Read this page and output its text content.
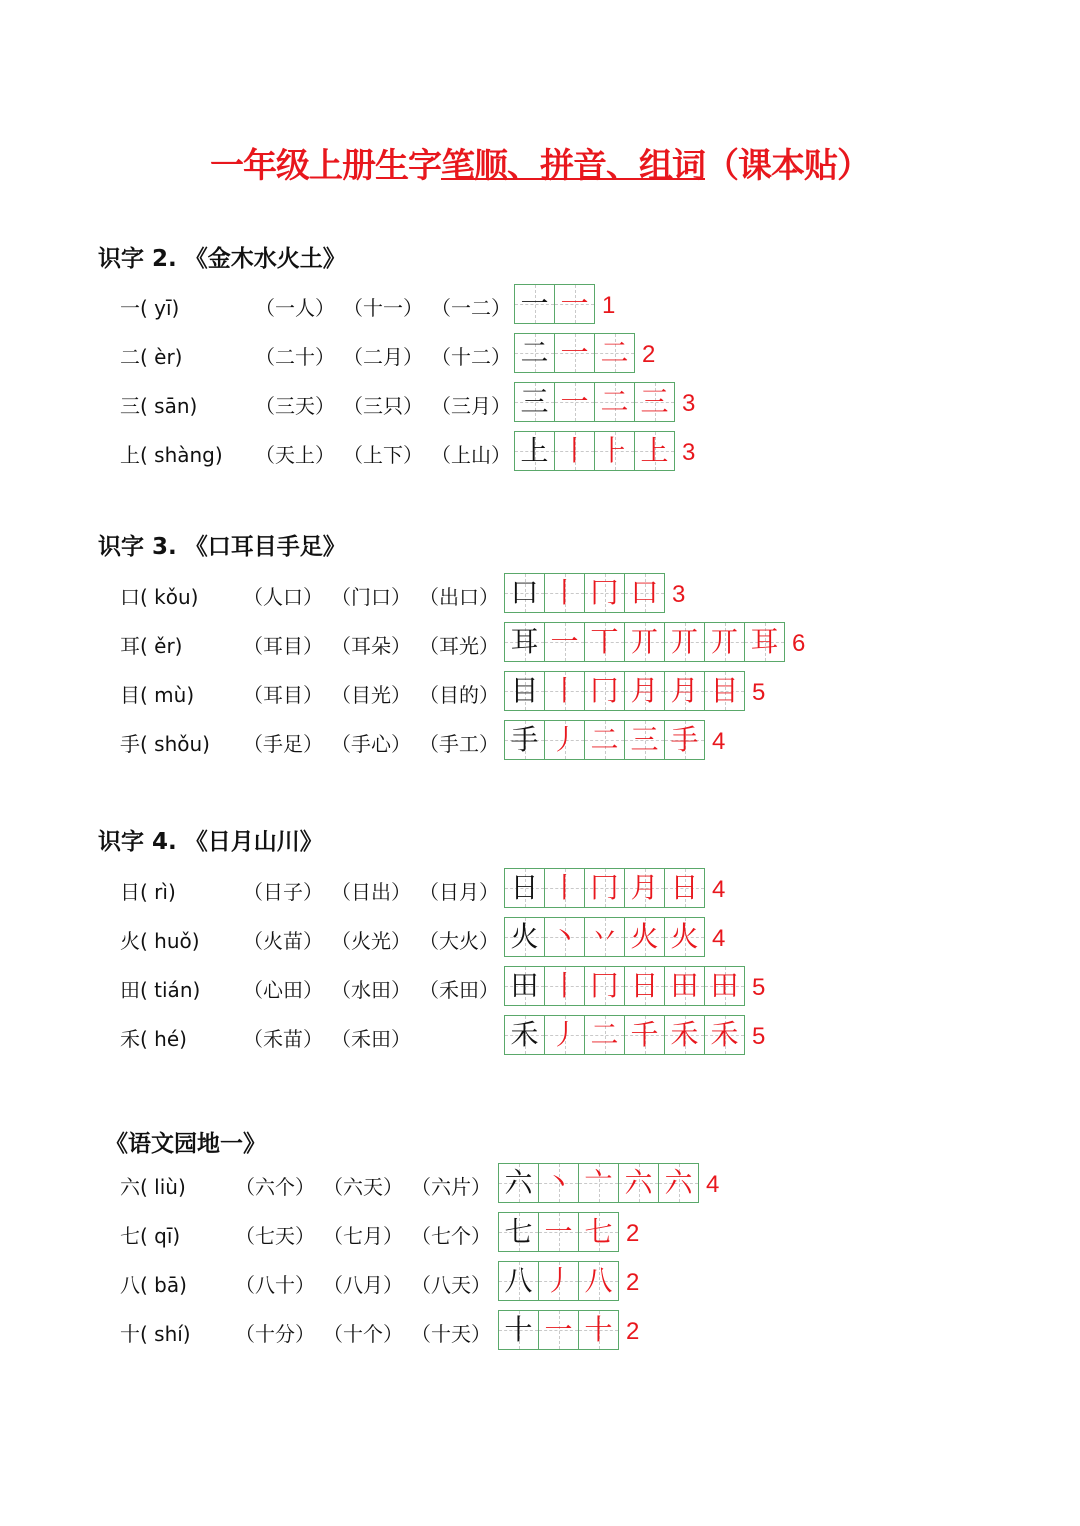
一年级上册生字笔顺、拼音、组词（课本贴）
识字 2. 《金木水火土》
一( yī)	（一人） （十一） （一二） 一 一 1
二( èr)	（二十） （二月） （十二） 二 一 二 2
三( sān)	（三天） （三只） （三月） 三 一 二 三 3
上( shàng) （天上） （上下） （上山） 上 丨 ⺊ 上 3
识字 3. 《口耳目手足》
口( kǒu) （人口） （门口） （出口） 口 丨 冂 口 3
耳( ěr)	（耳目） （耳朵） （耳光） 耳 一 丅 丌 丌 丌 耳 6
目( mù) （耳目） （目光） （目的） 目 丨 冂 月 月 目 5
手( shǒu) （手足） （手心） （手工） 手 丿 二 三 手 4
识字 4. 《日月山川》
日( rì)	（日子） （日出） （日月） 日 丨 冂 月 日 4
火( huǒ) （火苗） （火光） （大火） 火 丶 丷 火 火 4
田( tián) （心田） （水田） （禾田） 田 丨 冂 日 田 田 5
禾( hé)	（禾苗） （禾田）	禾 丿 二 千 禾 禾 5
《语文园地一》
六( liù) （六个） （六天） （六片） 六 丶 亠 六 六 4
七( qī)	（七天） （七月） （七个） 七 一 七 2
八( bā) （八十） （八月） （八天） 八 丿 八 2
十( shí) （十分） （十个） （十天） 十 一 十 2
